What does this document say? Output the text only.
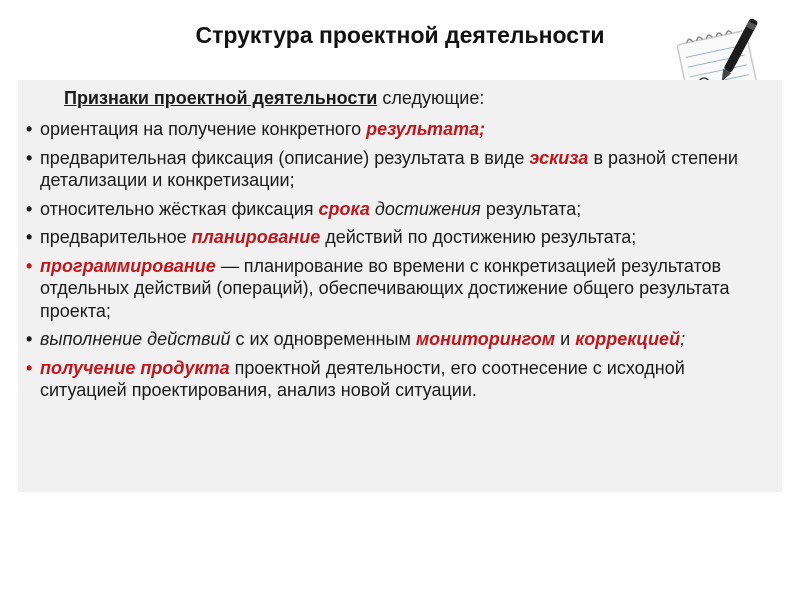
Структура проектной деятельности
Признаки проектной деятельности следующие:
• ориентация на получение конкретного результата;
• предварительная фиксация (описание) результата в виде эскиза в разной степени детализации и конкретизации;
• относительно жёсткая фиксация срока достижения результата;
• предварительное планирование действий по достижению результата;
• программирование — планирование во времени с конкретизацией результатов отдельных действий (операций), обеспечивающих достижение общего результата проекта;
• выполнение действий с их одновременным мониторингом и коррекцией;
• получение продукта проектной деятельности, его соотнесение с исходной ситуацией проектирования, анализ новой ситуации.
